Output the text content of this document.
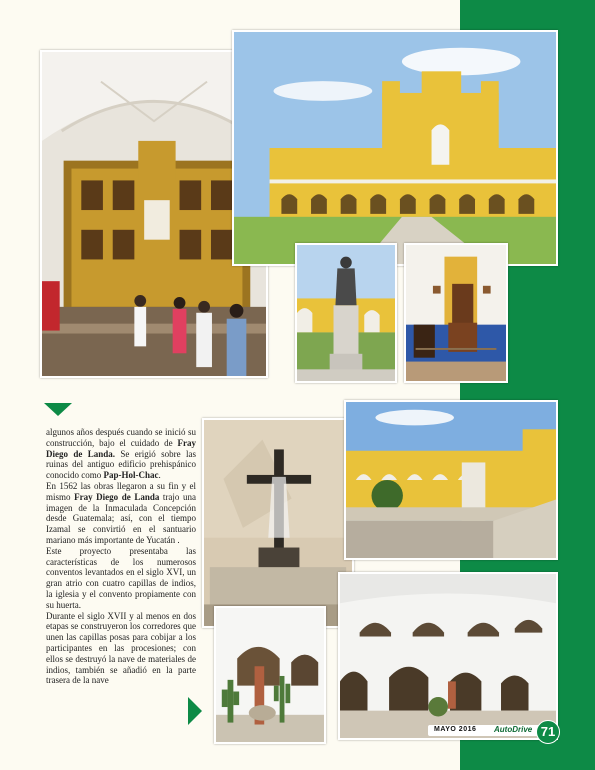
algunos años después cuando se inició su construcción, bajo el cuidado de Fray Diego de Landa. Se erigió sobre las ruinas del antiguo edificio prehispánico conocido como Pap-Hol-Chac.

En 1562 las obras llegaron a su fin y el mismo Fray Diego de Landa trajo una imagen de la Inmaculada Concepción desde Guatemala; así, con el tiempo Izamal se convirtió en el santuario mariano más importante de Yucatán .

Este proyecto presentaba las características de los numerosos conventos levantados en el siglo XVI, un gran atrio con cuatro capillas de indios, la iglesia y el convento propiamente con su huerta.

Durante el siglo XVII y al menos en dos etapas se construyeron los corredores que unen las capillas posas para cobijar a los participantes en las procesiones; con ellos se destruyó la nave de materiales de indios, también se añadió en la parte trasera de la nave

MAYO 2016 AutoDrive 71
